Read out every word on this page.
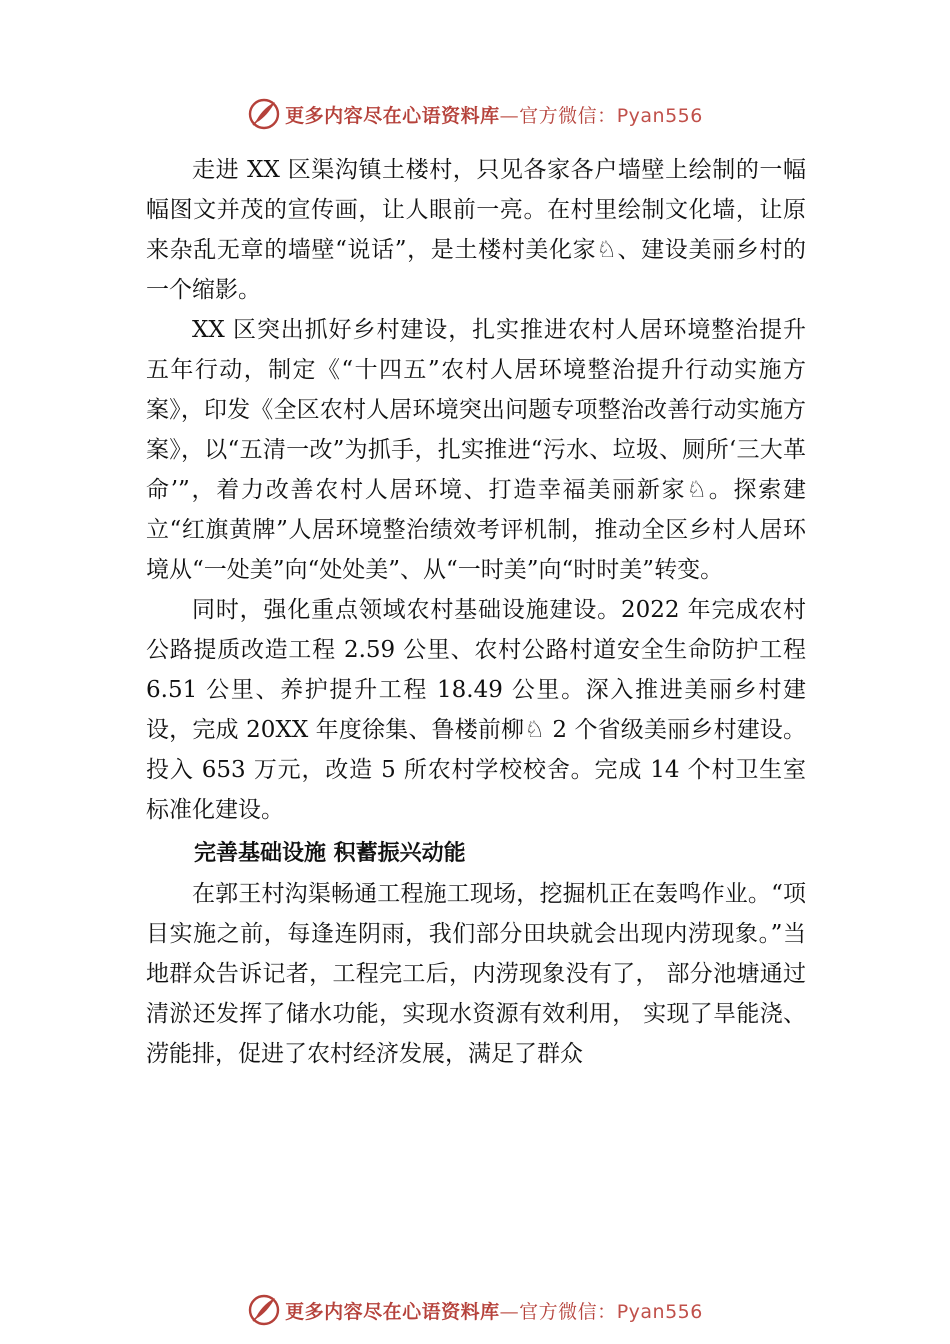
更多内容尽在心语资料库—官方微信：Pyan556

走进 XX 区渠沟镇土楼村，只见各家各户墙壁上绘制的一幅幅图文并茂的宣传画，让人眼前一亮。在村里绘制文化墙，让原来杂乱无章的墙壁“说话”，是土楼村美化家♘、建设美丽乡村的一个缩影。

XX 区突出抓好乡村建设，扎实推进农村人居环境整治提升五年行动，制定《“十四五”农村人居环境整治提升行动实施方案》，印发《全区农村人居环境突出问题专项整治改善行动实施方案》，以“五清一改”为抓手，扎实推进“污水、垃圾、厕所‘三大革命’”，着力改善农村人居环境、打造幸福美丽新家♘。探索建立“红旗黄牌”人居环境整治绩效考评机制，推动全区乡村人居环境从“一处美”向“处处美”、从“一时美”向“时时美”转变。

同时，强化重点领域农村基础设施建设。2022 年完成农村公路提质改造工程 2.59 公里、农村公路村道安全生命防护工程 6.51 公里、养护提升工程 18.49 公里。深入推进美丽乡村建设，完成 20XX 年度徐集、鲁楼前柳♘ 2 个省级美丽乡村建设。 投入 653 万元，改造 5 所农村学校校舍。完成 14 个村卫生室标准化建设。

完善基础设施 积蓄振兴动能

在郭王村沟渠畅通工程施工现场，挖掘机正在轰鸣作业。“项目实施之前，每逢连阴雨，我们部分田块就会出现内涝现象。”当地群众告诉记者，工程完工后，内涝现象没有了， 部分池塘通过清淤还发挥了储水功能，实现水资源有效利用， 实现了旱能浇、涝能排，促进了农村经济发展，满足了群众

更多内容尽在心语资料库—官方微信：Pyan556
